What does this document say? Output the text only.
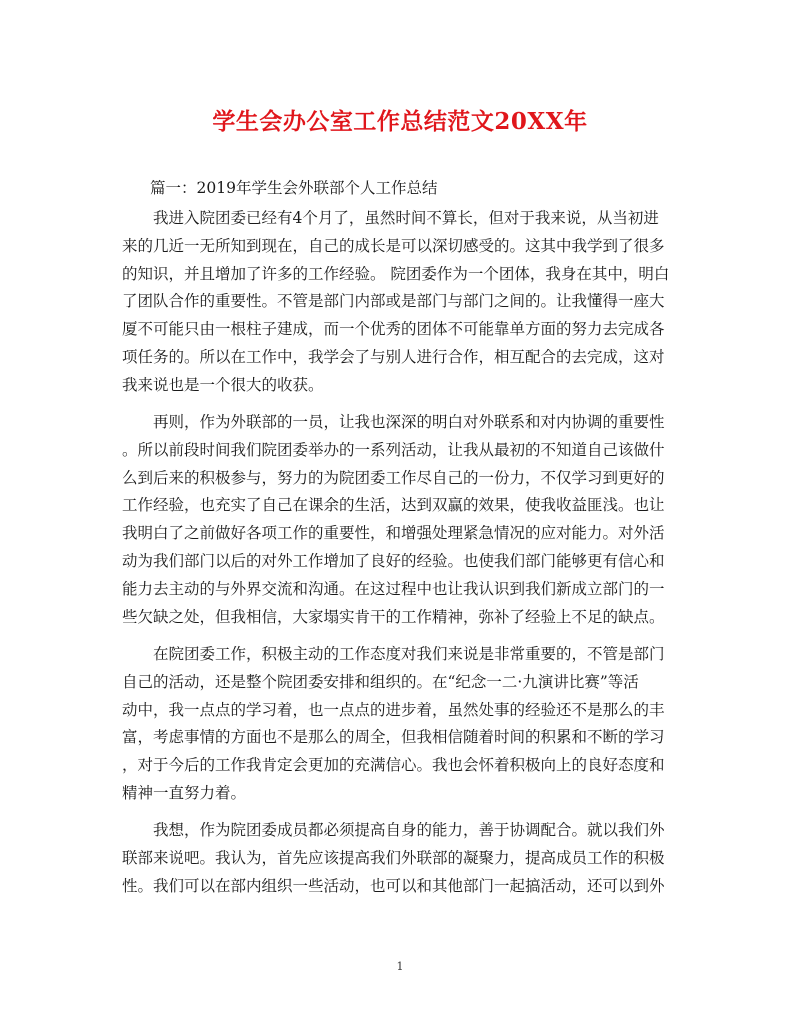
学生会办公室工作总结范文20XX年

篇一：2019年学生会外联部个人工作总结

　　我进入院团委已经有4个月了，虽然时间不算长，但对于我来说，从当初进
来的几近一无所知到现在，自己的成长是可以深切感受的。这其中我学到了很多
的知识，并且增加了许多的工作经验。 院团委作为一个团体，我身在其中，明白
了团队合作的重要性。不管是部门内部或是部门与部门之间的。让我懂得一座大
厦不可能只由一根柱子建成，而一个优秀的团体不可能靠单方面的努力去完成各
项任务的。所以在工作中，我学会了与别人进行合作，相互配合的去完成，这对
我来说也是一个很大的收获。

　　再则，作为外联部的一员，让我也深深的明白对外联系和对内协调的重要性
。所以前段时间我们院团委举办的一系列活动，让我从最初的不知道自己该做什
么到后来的积极参与，努力的为院团委工作尽自己的一份力，不仅学习到更好的
工作经验，也充实了自己在课余的生活，达到双赢的效果，使我收益匪浅。也让
我明白了之前做好各项工作的重要性，和增强处理紧急情况的应对能力。对外活
动为我们部门以后的对外工作增加了良好的经验。也使我们部门能够更有信心和
能力去主动的与外界交流和沟通。在这过程中也让我认识到我们新成立部门的一
些欠缺之处，但我相信，大家塌实肯干的工作精神，弥补了经验上不足的缺点。

　　在院团委工作，积极主动的工作态度对我们来说是非常重要的，不管是部门
自己的活动，还是整个院团委安排和组织的。在“纪念一二·九演讲比赛”等活
动中，我一点点的学习着，也一点点的进步着，虽然处事的经验还不是那么的丰
富，考虑事情的方面也不是那么的周全，但我相信随着时间的积累和不断的学习
，对于今后的工作我肯定会更加的充满信心。我也会怀着积极向上的良好态度和
精神一直努力着。

　　我想，作为院团委成员都必须提高自身的能力，善于协调配合。就以我们外
联部来说吧。我认为，首先应该提高我们外联部的凝聚力，提高成员工作的积极
性。我们可以在部内组织一些活动，也可以和其他部门一起搞活动，还可以到外

1
